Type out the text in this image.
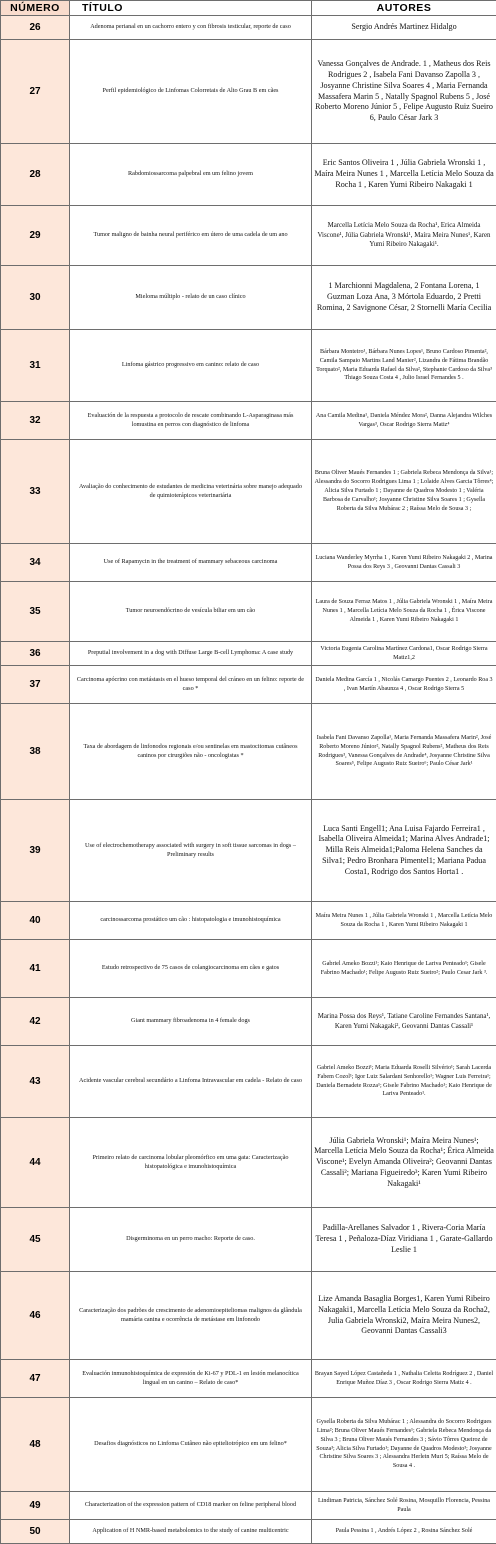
NÚMERO	TÍTULO	AUTORES
26	Adenoma perianal en un cachorro entero y con fibrosis testicular, reporte de caso	Sergio Andrés Martinez Hidalgo
27	Perfil epidemiológico de Linfomas Colorretais de Alto Grau B em cães	Vanessa Gonçalves de Andrade. 1 , Matheus dos Reis Rodrigues 2 , Isabela Fani Davanso Zapolla 3 , Josyanne Christine Silva Soares 4 , Maria Fernanda Massafera Marin 5 , Natally Spagnol Rubens 5 , José Roberto Moreno Júnior 5 , Felipe Augusto Ruiz Sueiro 6, Paulo César Jark 3
28	Rabdomiossarcoma palpebral em um felino jovem	Eric Santos Oliveira 1 , Júlia Gabriela Wronski 1 , Maíra Meira Nunes 1 , Marcella Letícia Melo Souza da Rocha 1 , Karen Yumi Ribeiro Nakagaki 1
29	Tumor maligno de bainha neural periférico em útero de uma cadela de um ano	Marcella Letícia Melo Souza da Rocha¹, Erica Almeida Viscone¹, Júlia Gabriela Wronski¹, Maíra Meira Nunes¹, Karen Yumi Ribeiro Nakagaki¹.
30	Mieloma múltiplo - relato de un caso clínico	1 Marchionni Magdalena, 2 Fontana Lorena, 1 Guzman Loza Ana, 3 Mórtola Eduardo, 2 Pretti Romina, 2 Savignone César, 2 Stornelli María Cecilia
31	Linfoma gástrico progressivo em canino: relato de caso	Bárbara Monteiro¹, Bárbara Nunes Lopes¹, Bruno Cardoso Pimenta², Camila Sampaio Martins Land Manier², Lizandra de Fátima Brandão Torquato², Maria Eduarda Rafael da Silva², Stephanie Cardoso da Silva³ Thiago Souza Costa 4 , Julio Israel Fernandes 5 .
32	Evaluación de la respuesta a protocolo de rescate combinando L-Asparaginasa más lomustina en perros con diagnóstico de linfoma	Ana Camila Medina¹, Daniela Méndez Mora², Danna Alejandra Wilches Vargas³, Oscar Rodrigo Sierra Matiz⁴
33	Avaliação do conhecimento de estudantes de medicina veterinária sobre manejo adequado de quimioterápicos veterinariária	Bruna Oliver Maués Fernandes 1 ; Gabriela Rebeca Mendonça da Silva¹; Alessandra do Socorro Rodrigues Lima 1 ; Lolaide Alves Garcia Tôrres⁴; Alicia Silva Furtado 1 ; Dayanne de Quadros Modesto 1 ; Valéria Barbosa de Carvalho¹; Josyanne Christine Silva Soares 1 ; Gysella Roberta da Silva Mubárac 2 ; Raíssa Melo de Sousa 3 ;
34	Use of Rapamycin in the treatment of mammary sebaceous carcinoma	Luciana Wanderley Myrrha 1 , Karen Yumi Ribeiro Nakagaki 2 , Marina Possa dos Reys 3 , Geovanni Dantas Cassali 3
35	Tumor neuroendócrino de vesícula biliar em um cão	Laura de Souza Ferraz Matos 1 , Júlia Gabriela Wronski 1 , Maíra Meira Nunes 1 , Marcella Letícia Melo Souza da Rocha 1 , Érica Viscone Almeida 1 , Karen Yumi Ribeiro Nakagaki 1
36	Preputial involvement in a dog with Diffuse Large B-cell Lymphoma: A case study	Victoria Eugenia Carolina Martínez Cardona1, Oscar Rodrigo Sierra Matiz1,2
37	Carcinoma apócrino con metástasis en el hueso temporal del cráneo en un felino: reporte de caso *	Daniela Medina García 1 , Nicolás Camargo Puentes 2 , Leonardo Roa 3 , Ivan Martín Abaunza 4 , Oscar Rodrigo Sierra 5
38	Taxa de abordagem de linfonodos regionais e/ou sentinelas em mastocitomas cutâneos caninos por cirurgiões não - oncologistas *	Isabela Fani Davanso Zapolla¹, Maria Fernanda Massafera Marin², José Roberto Moreno Júnior², Natally Spagnol Rubens², Matheus dos Reis Rodrigues³, Vanessa Gonçalves de Andrade⁴, Josyanne Christine Silva Soares⁵, Felipe Augusto Ruiz Sueiro⁶; Paulo César Jark¹
39	Use of electrochemotherapy associated with surgery in soft tissue sarcomas in dogs – Preliminary results	Luca Santi Engell1; Ana Luisa Fajardo Ferreira1 , Isabella Oliveira Almeida1; Marina Alves Andrade1; Milla Reis Almeida1;Paloma Helena Sanches da Silva1; Pedro Bronhara Pimentel1; Mariana Padua Costa1, Rodrigo dos Santos Horta1 .
40	carcinossarcoma prostático um cão : histopatologia e imunohistoquímica	Maíra Meira Nunes 1 , Júlia Gabriela Wronski 1 , Marcella Letícia Melo Souza da Rocha 1 , Karen Yumi Ribeiro Nakagaki 1
41	Estudo retrospectivo de 75 casos de colangiocarcinoma em cães e gatos	Gabriel Ameko Bozzi¹; Kaio Henrique de Lariva Penteado¹; Gisele Fabrino Machado¹; Felipe Augusto Ruiz Sueiro²; Paulo Cesar Jark ³.
42	Giant mammary fibroadenoma in 4 female dogs	Marina Possa dos Reys¹, Tatiane Caroline Fernandes Santana¹, Karen Yumi Nakagaki², Geovanni Dantas Cassali¹
43	Acidente vascular cerebral secundário a Linfoma Intravascular em cadela - Relato de caso	Gabriel Ameko Bozzi¹; Maria Eduarda Roselli Silvério¹; Sarah Lacerda Fabem Cozol¹; Igor Luiz Salardani Senhorello¹; Wagner Luis Ferreira¹; Daniela Bernadete Rozza¹; Gisele Fabrino Machado¹; Kaio Henrique de Lariva Penteado¹.
44	Primeiro relato de carcinoma lobular pleomórfico em uma gata: Caracterização histopatológica e imunohistoquímica	Júlia Gabriela Wronski¹; Maíra Meira Nunes¹; Marcella Letícia Melo Souza da Rocha¹; Érica Almeida Viscone¹; Evelyn Amanda Oliveira²; Geovanni Dantas Cassali²; Mariana Figueiredo³; Karen Yumi Ribeiro Nakagaki¹
45	Disgerminoma en un perro macho: Reporte de caso.	Padilla-Arellanes Salvador 1 , Rivera-Coria María Teresa 1 , Peñaloza-Díaz Viridiana 1 , Garate-Gallardo Leslie 1
46	Caracterização dos padrões de crescimento de adenomioepiteliomas malignos da glândula mamária canina e ocorrência de metástase em linfonodo	Lize Amanda Basaglia Borges1, Karen Yumi Ribeiro Nakagaki1, Marcella Letícia Melo Souza da Rocha2, Julia Gabriela Wronski2, Maíra Meira Nunes2, Geovanni Dantas Cassali3
47	Evaluación inmunohistoquímica de expresión de Ki-67 y PDL-1 en lesión melanocítica lingual en un canino – Relato de caso*	Brayan Sayed López Castañeda 1 , Nathalia Celeita Rodríguez 2 , Daniel Enrique Muñoz Díaz 3 , Oscar Rodrigo Sierra Matiz 4 .
48	Desafios diagnósticos no Linfoma Cutâneo não epiteliotrópico em um felino*	Gysella Roberta da Silva Mubárac 1 ; Alessandra do Socorro Rodrigues Lima²; Bruna Oliver Maués Fernandes¹; Gabriela Rebeca Mendonça da Silva 3 ; Bruna Oliver Maués Fernandes 3 ; Sávio Tôrres Queiroz de Souza³; Alicia Silva Furtado¹; Dayanne de Quadros Modesto³; Josyanne Christine Silva Soares 3 ; Alessandra Herlein Muri 5; Raíssa Melo de Sousa 4 .
49	Characterization of the expression pattern of CD18 marker on feline peripheral blood	Lindiman Patricia, Sánchez Solé Rosina, Mosquillo Florencia, Pessina Paula
50	Application of H NMR-based metabolomics to the study of canine multicentric	Paula Pessina 1 , Andrés López 2 , Rosina Sánchez Solé
